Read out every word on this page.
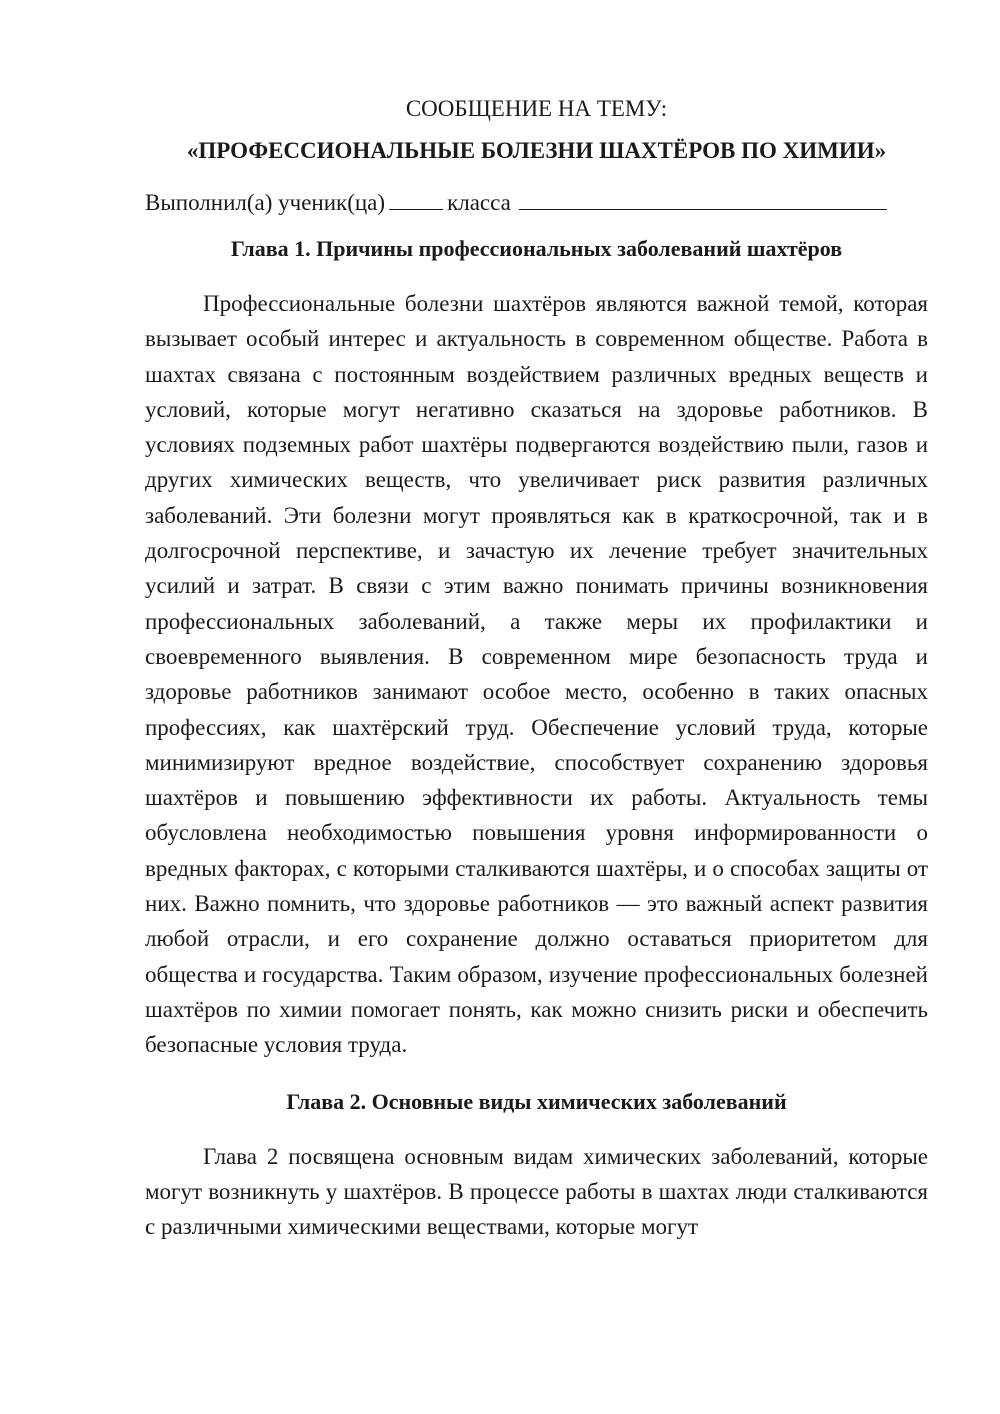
СООБЩЕНИЕ НА ТЕМУ:

«ПРОФЕССИОНАЛЬНЫЕ БОЛЕЗНИ ШАХТЁРОВ ПО ХИМИИ»

Выполнил(а) ученик(ца)	класса

Глава 1. Причины профессиональных заболеваний шахтёров

Профессиональные болезни шахтёров являются важной темой, которая вызывает особый интерес и актуальность в современном обществе. Работа в шахтах связана с постоянным воздействием различных вредных веществ и условий, которые могут негативно сказаться на здоровье работников. В условиях подземных работ шахтёры подвергаются воздействию пыли, газов и других химических веществ, что увеличивает риск развития различных заболеваний. Эти болезни могут проявляться как в краткосрочной, так и в долгосрочной перспективе, и зачастую их лечение требует значительных усилий и затрат. В связи с этим важно понимать причины возникновения профессиональных заболеваний, а также меры их профилактики и своевременного выявления. В современном мире безопасность труда и здоровье работников занимают особое место, особенно в таких опасных профессиях, как шахтёрский труд. Обеспечение условий труда, которые минимизируют вредное воздействие, способствует сохранению здоровья шахтёров и повышению эффективности их работы. Актуальность темы обусловлена необходимостью повышения уровня информированности о вредных факторах, с которыми сталкиваются шахтёры, и о способах защиты от них. Важно помнить, что здоровье работников — это важный аспект развития любой отрасли, и его сохранение должно оставаться приоритетом для общества и государства. Таким образом, изучение профессиональных болезней шахтёров по химии помогает понять, как можно снизить риски и обеспечить безопасные условия труда.

Глава 2. Основные виды химических заболеваний

Глава 2 посвящена основным видам химических заболеваний, которые могут возникнуть у шахтёров. В процессе работы в шахтах люди сталкиваются с различными химическими веществами, которые могут
